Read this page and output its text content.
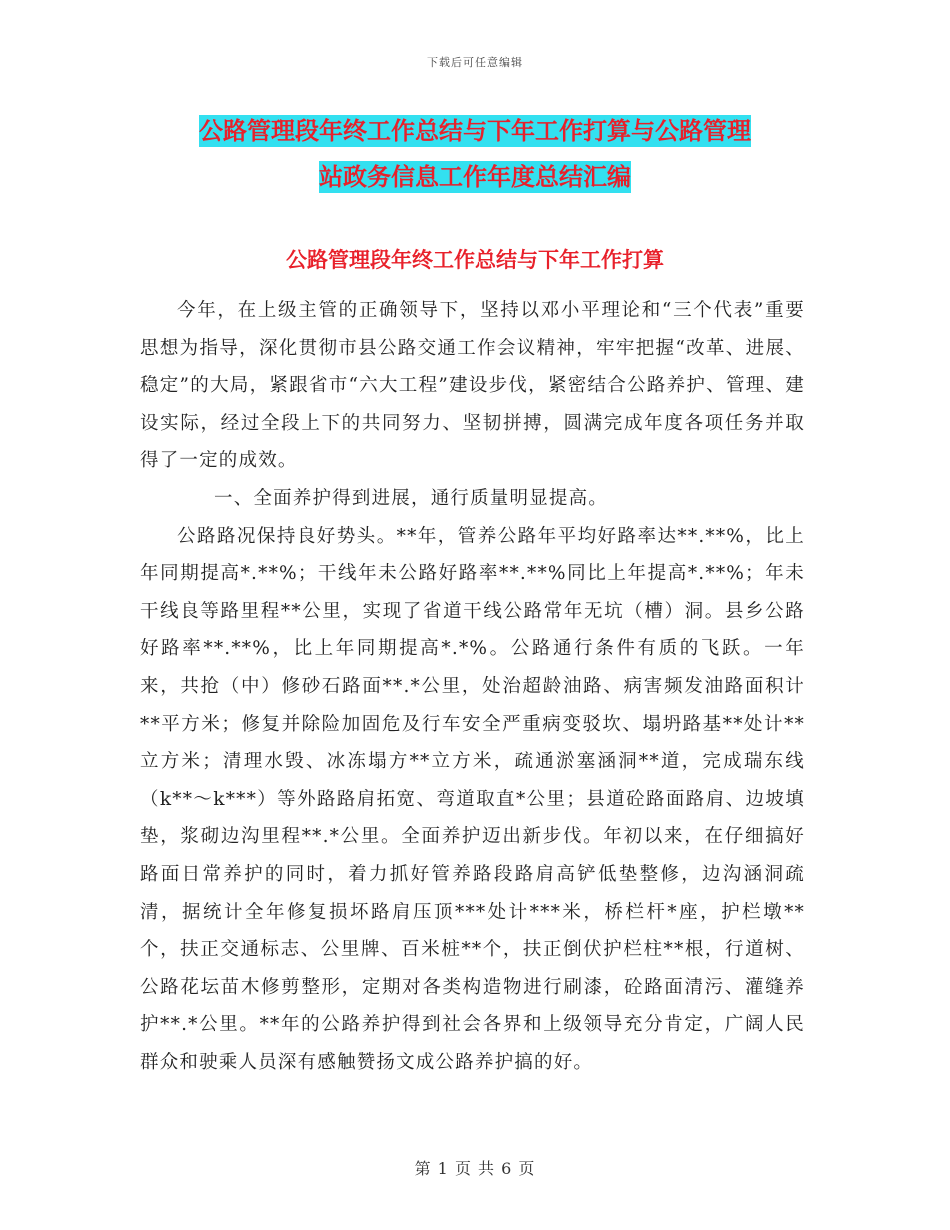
下载后可任意编辑
公路管理段年终工作总结与下年工作打算与公路管理
站政务信息工作年度总结汇编
公路管理段年终工作总结与下年工作打算

今年，在上级主管的正确领导下，坚持以邓小平理论和“三个代表”重要思想为指导，深化贯彻市县公路交通工作会议精神，牢牢把握“改革、进展、稳定”的大局，紧跟省市“六大工程”建设步伐，紧密结合公路养护、管理、建设实际，经过全段上下的共同努力、坚韧拼搏，圆满完成年度各项任务并取得了一定的成效。

一、全面养护得到进展，通行质量明显提高。

公路路况保持良好势头。**年，管养公路年平均好路率达**.**%，比上年同期提高*.**%；干线年未公路好路率**.**%同比上年提高*.**%；年未干线良等路里程**公里，实现了省道干线公路常年无坑（槽）洞。县乡公路好路率**.**%，比上年同期提高*.*%。公路通行条件有质的飞跃。一年来，共抢（中）修砂石路面**.*公里，处治超龄油路、病害频发油路面积计**平方米；修复并除险加固危及行车安全严重病变驳坎、塌坍路基**处计**立方米；清理水毁、冰冻塌方**立方米，疏通淤塞涵洞**道，完成瑞东线（k**～k***）等外路路肩拓宽、弯道取直*公里；县道砼路面路肩、边坡填垫，浆砌边沟里程**.*公里。全面养护迈出新步伐。年初以来，在仔细搞好路面日常养护的同时，着力抓好管养路段路肩高铲低垫整修，边沟涵洞疏清，据统计全年修复损坏路肩压顶***处计***米，桥栏杆*座，护栏墩**个，扶正交通标志、公里牌、百米桩**个，扶正倒伏护栏柱**根，行道树、公路花坛苗木修剪整形，定期对各类构造物进行刷漆，砼路面清污、灌缝养护**.*公里。**年的公路养护得到社会各界和上级领导充分肯定，广阔人民群众和驶乘人员深有感触赞扬文成公路养护搞的好。

第 1 页 共 6 页
